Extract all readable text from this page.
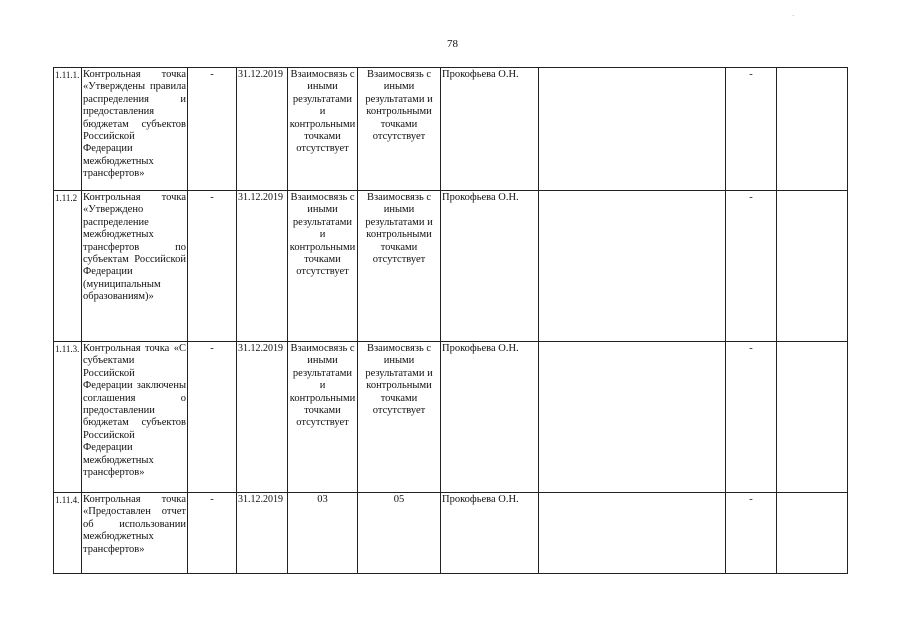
78
·
1.11.1.	Контрольная точка «Утверждены правила распределения и предоставления бюджетам субъектов Российской Федерации межбюджетных трансфертов»	-	31.12.2019	Взаимосвязь с иными результатами и контрольными точками отсутствует	Взаимосвязь с иными результатами и контрольными точками отсутствует	Прокофьева О.Н.		-	
1.11.2	Контрольная точка «Утверждено распределение межбюджетных трансфертов по субъектам Российской Федерации (муниципальным образованиям)»	-	31.12.2019	Взаимосвязь с иными результатами и контрольными точками отсутствует	Взаимосвязь с иными результатами и контрольными точками отсутствует	Прокофьева О.Н.		-	
1.11.3.	Контрольная точка «С субъектами Российской Федерации заключены соглашения о предоставлении бюджетам субъектов Российской Федерации межбюджетных трансфертов»	-	31.12.2019	Взаимосвязь с иными результатами и контрольными точками отсутствует	Взаимосвязь с иными результатами и контрольными точками отсутствует	Прокофьева О.Н.		-	
1.11.4.	Контрольная точка «Предоставлен отчет об использовании межбюджетных трансфертов»	-	31.12.2019	03	05	Прокофьева О.Н.		-	
